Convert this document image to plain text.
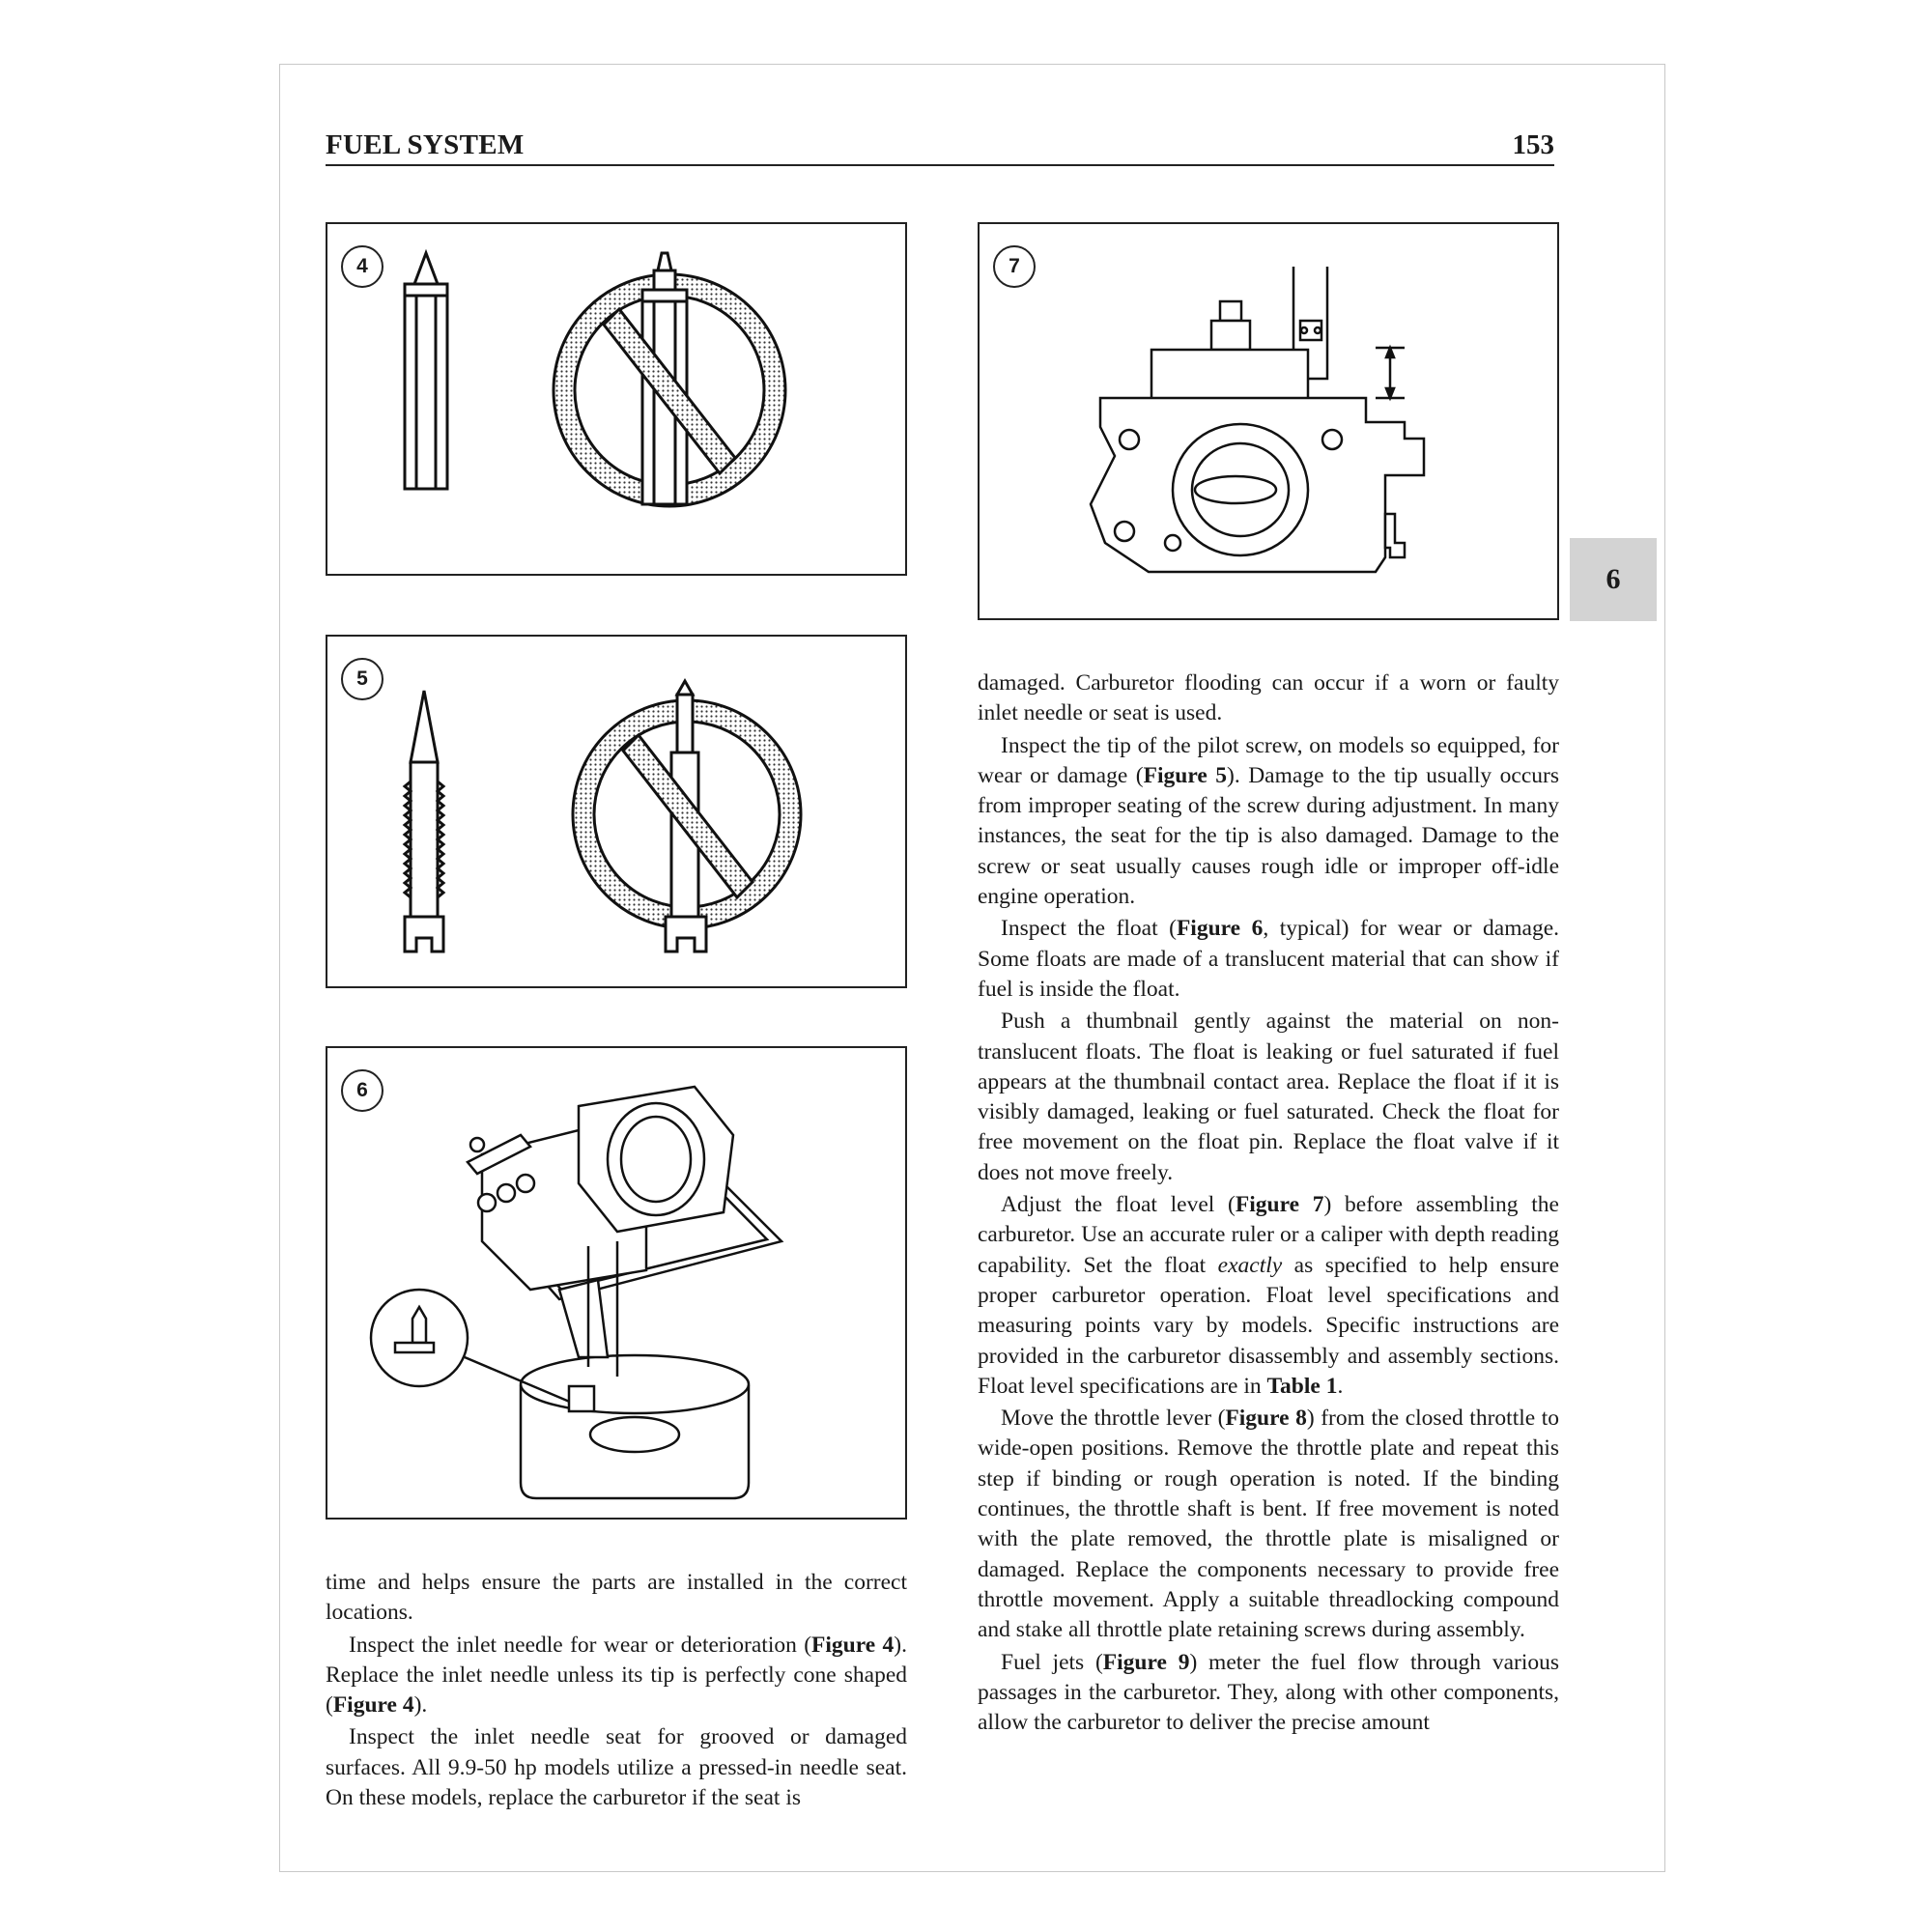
FUEL SYSTEM	153
6
4
5
6
7

time and helps ensure the parts are installed in the correct locations.

Inspect the inlet needle for wear or deterioration (Figure 4). Replace the inlet needle unless its tip is perfectly cone shaped (Figure 4).

Inspect the inlet needle seat for grooved or damaged surfaces. All 9.9-50 hp models utilize a pressed-in needle seat. On these models, replace the carburetor if the seat is

damaged. Carburetor flooding can occur if a worn or faulty inlet needle or seat is used.

Inspect the tip of the pilot screw, on models so equipped, for wear or damage (Figure 5). Damage to the tip usually occurs from improper seating of the screw during adjustment. In many instances, the seat for the tip is also damaged. Damage to the screw or seat usually causes rough idle or improper off-idle engine operation.

Inspect the float (Figure 6, typical) for wear or damage. Some floats are made of a translucent material that can show if fuel is inside the float.

Push a thumbnail gently against the material on non-translucent floats. The float is leaking or fuel saturated if fuel appears at the thumbnail contact area. Replace the float if it is visibly damaged, leaking or fuel saturated. Check the float for free movement on the float pin. Replace the float valve if it does not move freely.

Adjust the float level (Figure 7) before assembling the carburetor. Use an accurate ruler or a caliper with depth reading capability. Set the float exactly as specified to help ensure proper carburetor operation. Float level specifications and measuring points vary by models. Specific instructions are provided in the carburetor disassembly and assembly sections. Float level specifications are in Table 1.

Move the throttle lever (Figure 8) from the closed throttle to wide-open positions. Remove the throttle plate and repeat this step if binding or rough operation is noted. If the binding continues, the throttle shaft is bent. If free movement is noted with the plate removed, the throttle plate is misaligned or damaged. Replace the components necessary to provide free throttle movement. Apply a suitable threadlocking compound and stake all throttle plate retaining screws during assembly.

Fuel jets (Figure 9) meter the fuel flow through various passages in the carburetor. They, along with other components, allow the carburetor to deliver the precise amount
